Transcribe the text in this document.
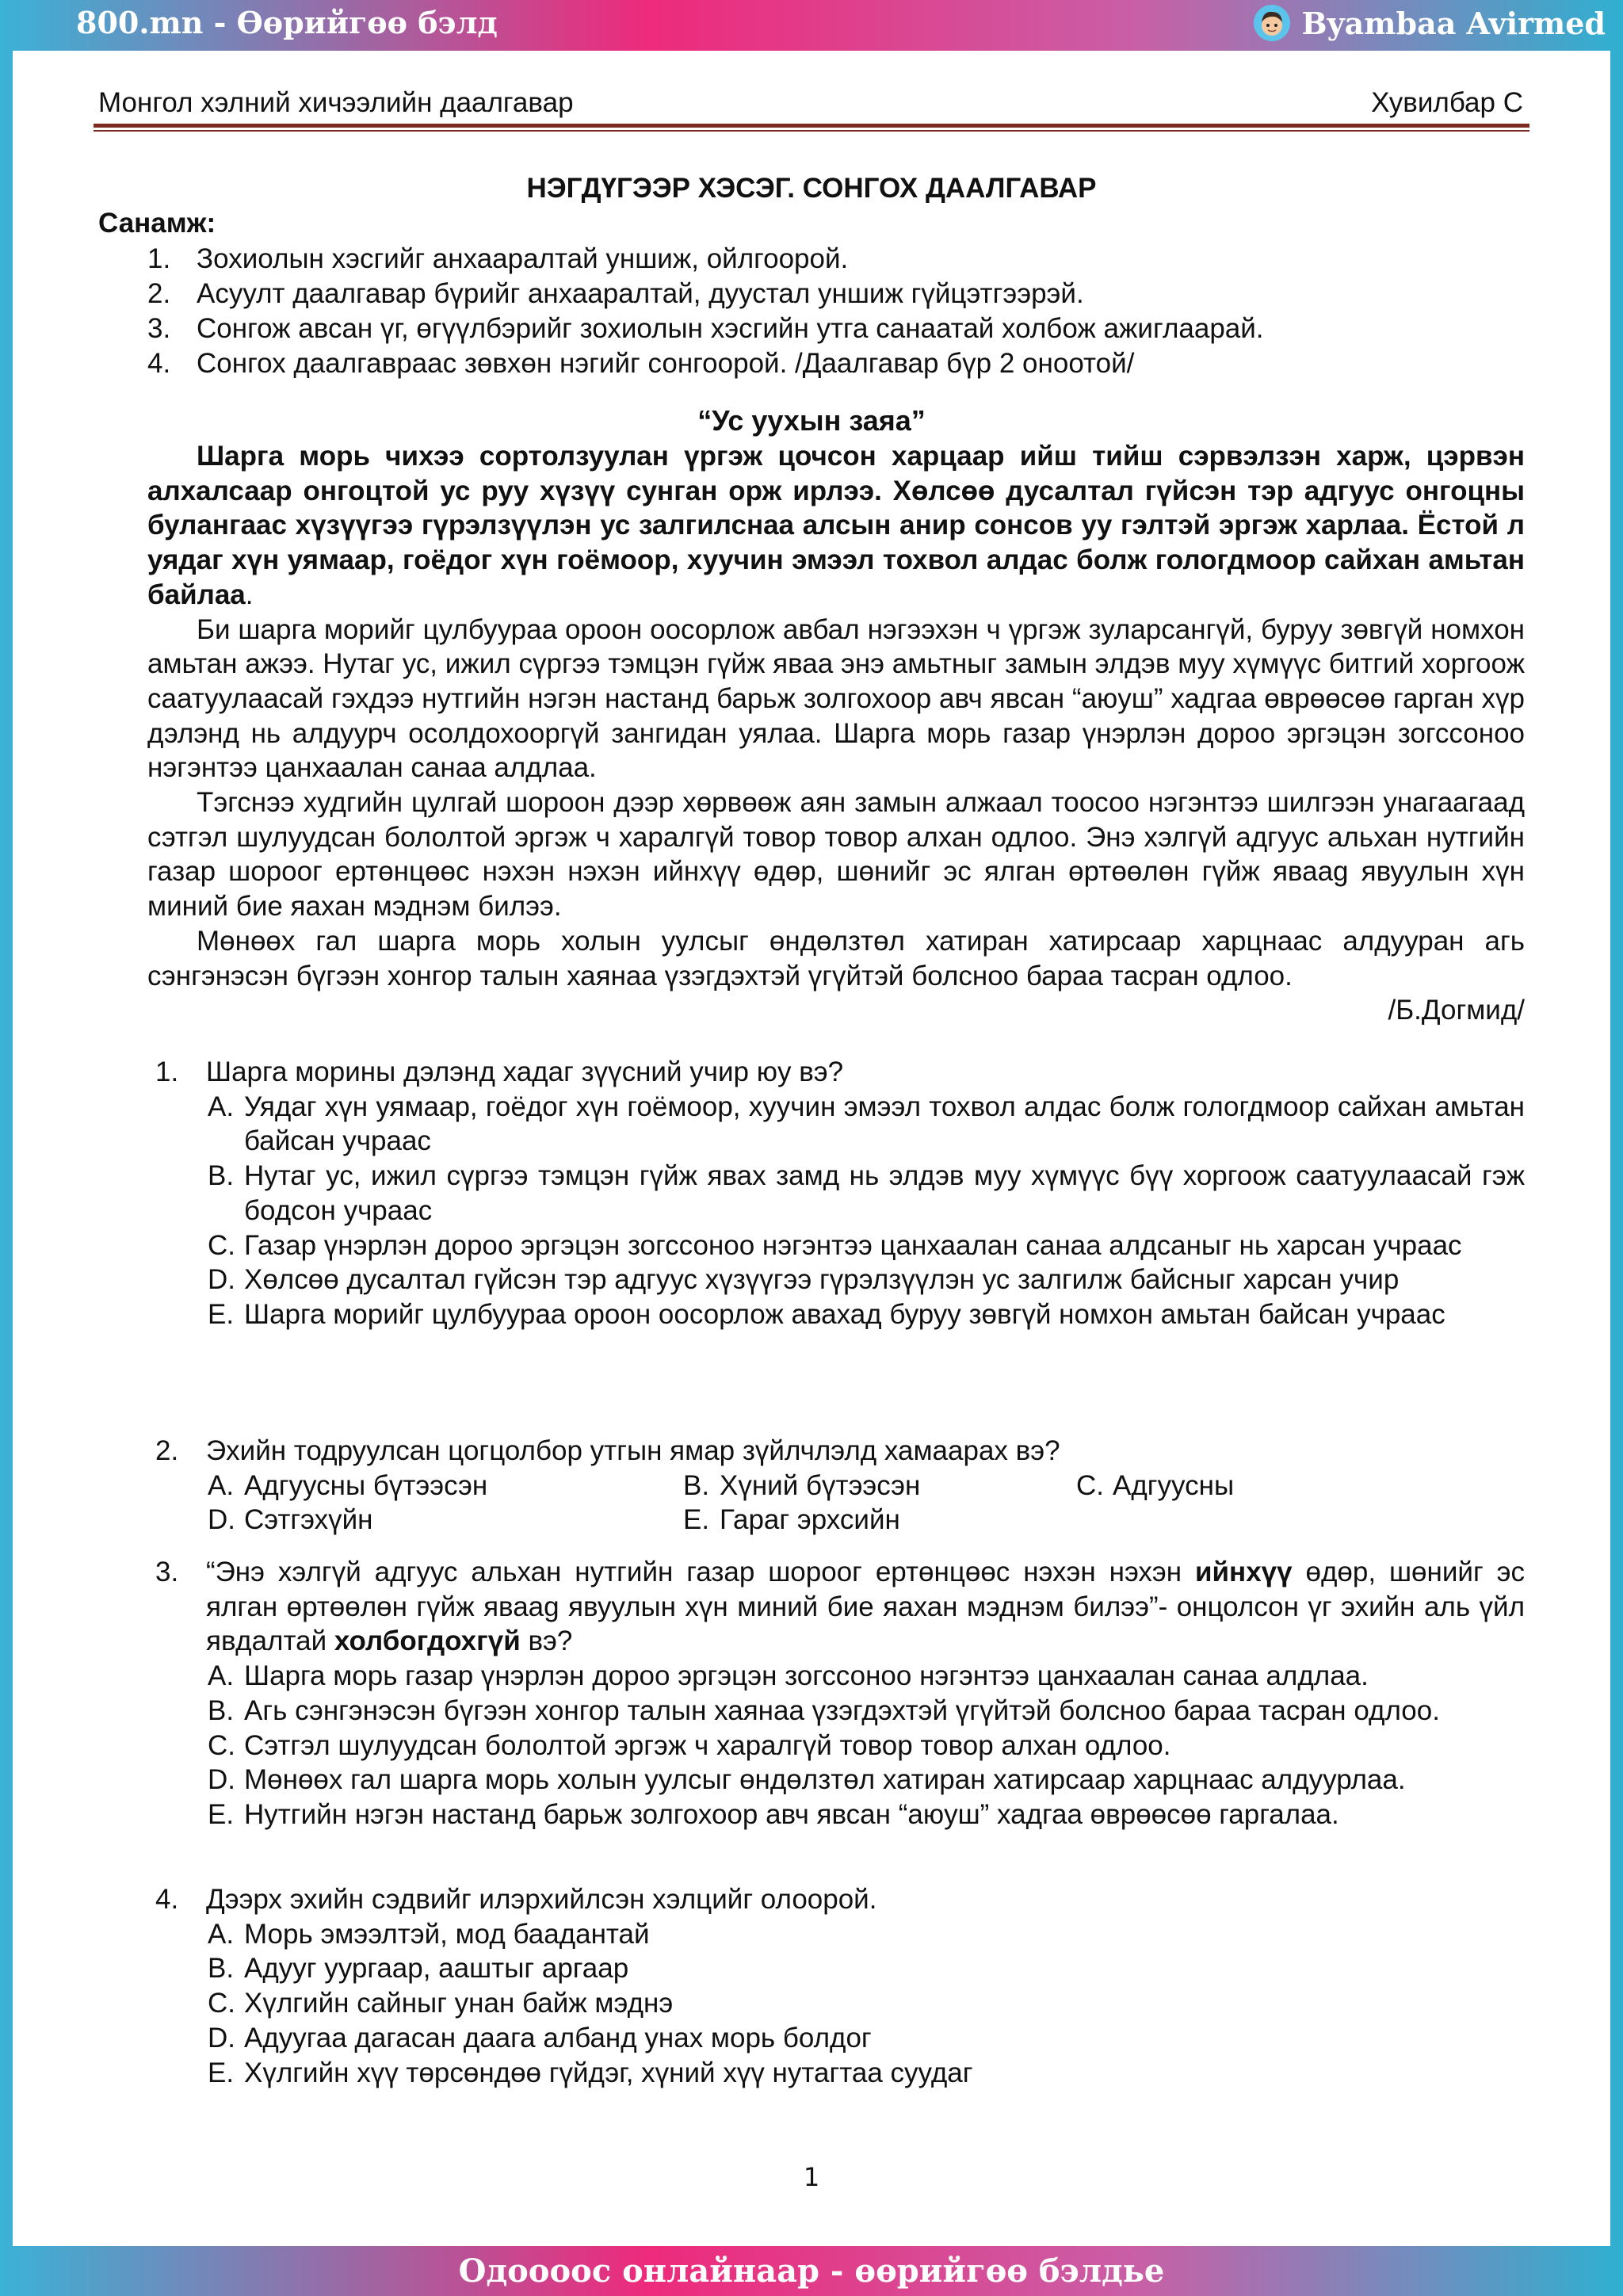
800.mn - Өөрийгөө бэлд	Byambaa Avirmed
Монгол хэлний хичээлийн даалгавар	Хувилбар С
НЭГДҮГЭЭР ХЭСЭГ. СОНГОХ ДААЛГАВАР
Санамж:
1. Зохиолын хэсгийг анхааралтай уншиж, ойлгоорой.
2. Асуулт даалгавар бүрийг анхааралтай, дуустал уншиж гүйцэтгээрэй.
3. Сонгож авсан үг, өгүүлбэрийг зохиолын хэсгийн утга санаатай холбож ажиглаарай.
4. Сонгох даалгавраас зөвхөн нэгийг сонгоорой. /Даалгавар бүр 2 оноотой/
“Ус уухын заяа”

Шарга морь чихээ сортолзуулан үргэж цочсон харцаар ийш тийш сэрвэлзэн харж, цэрвэн алхалсаар онгоцтой ус руу хүзүү сунган орж ирлээ. Хөлсөө дусалтал гүйсэн тэр адгуус онгоцны булангаас хүзүүгээ гүрэлзүүлэн ус залгилснаа алсын анир сонсов уу гэлтэй эргэж харлаа. Ёстой л уядаг хүн уямаар, гоёдог хүн гоёмоор, хуучин эмээл тохвол алдас болж гологдмоор сайхан амьтан байлаа.

Би шарга морийг цулбуураа ороон оосорлож авбал нэгээхэн ч үргэж зуларсангүй, буруу зөвгүй номхон амьтан ажээ. Нутаг ус, ижил сүргээ тэмцэн гүйж яваа энэ амьтныг замын элдэв муу хүмүүс битгий хоргоож саатуулаасай гэхдээ нутгийн нэгэн настанд барьж золгохоор авч явсан “аюуш” хадгаа өврөөсөө гарган хүр дэлэнд нь алдуурч осолдохооргүй зангидан уялаа. Шарга морь газар үнэрлэн дороо эргэцэн зогссоноо нэгэнтээ цанхаалан санаа алдлаа.

Тэгснээ худгийн цулгай шороон дээр хөрвөөж аян замын алжаал тоосоо нэгэнтээ шилгээн унагаагаад сэтгэл шулуудсан бололтой эргэж ч харалгүй товор товор алхан одлоо. Энэ хэлгүй адгуус альхан нутгийн газар шороог ертөнцөөс нэхэн нэхэн ийнхүү өдөр, шөнийг эс ялган өртөөлөн гүйж яваag явуулын хүн миний бие яахан мэднэм билээ.

Мөнөөх гал шарга морь холын уулсыг өндөлзтөл хатиран хатирсаар харцнаас алдууран агь сэнгэнэсэн бүгээн хонгор талын хаянаа үзэгдэхтэй үгүйтэй болсноо бараа тасран одлоо.

/Б.Догмид/

1. Шарга морины дэлэнд хадаг зүүсний учир юу вэ?
A. Уядаг хүн уямаар, гоёдог хүн гоёмоор, хуучин эмээл тохвол алдас болж гологдмоор сайхан амьтан байсан учраас
B. Нутаг ус, ижил сүргээ тэмцэн гүйж явах замд нь элдэв муу хүмүүс бүү хоргоож саатуулаасай гэж бодсон учраас
C. Газар үнэрлэн дороо эргэцэн зогссоноо нэгэнтээ цанхаалан санаа алдсаныг нь харсан учраас
D. Хөлсөө дусалтал гүйсэн тэр адгуус хүзүүгээ гүрэлзүүлэн ус залгилж байсныг харсан учир
E. Шарга морийг цулбуураа ороон оосорлож авахад буруу зөвгүй номхон амьтан байсан учраас
2. Эхийн тодруулсан цогцолбор утгын ямар зүйлчлэлд хамаарах вэ?
A. Адгуусны бүтээсэн	B. Хүний бүтээсэн	C. Адгуусны
D. Сэтгэхүйн	E. Гараг эрхсийн
3. “Энэ хэлгүй адгуус альхан нутгийн газар шороог ертөнцөөс нэхэн нэхэн ийнхүү өдөр, шөнийг эс ялган өртөөлөн гүйж яваag явуулын хүн миний бие яахан мэднэм билээ”- онцолсон үг эхийн аль үйл явдалтай холбогдохгүй вэ?
A. Шарга морь газар үнэрлэн дороо эргэцэн зогссоноо нэгэнтээ цанхаалан санаа алдлаа.
B. Агь сэнгэнэсэн бүгээн хонгор талын хаянаа үзэгдэхтэй үгүйтэй болсноо бараа тасран одлоо.
C. Сэтгэл шулуудсан бололтой эргэж ч харалгүй товор товор алхан одлоо.
D. Мөнөөх гал шарга морь холын уулсыг өндөлзтөл хатиран хатирсаар харцнаас алдуурлаа.
E. Нутгийн нэгэн настанд барьж золгохоор авч явсан “аюуш” хадгаа өврөөсөө гаргалаа.
4. Дээрх эхийн сэдвийг илэрхийлсэн хэлцийг олоорой.
A. Морь эмээлтэй, мод баадантай
B. Адууг уургаар, ааштыг аргаар
C. Хүлгийн сайныг унан байж мэднэ
D. Адуугаа дагасан даага албанд унах морь болдог
E. Хүлгийн хүү төрсөндөө гүйдэг, хүний хүү нутагтаа суудаг
1
Одоооос онлайнаар - өөрийгөө бэлдье
